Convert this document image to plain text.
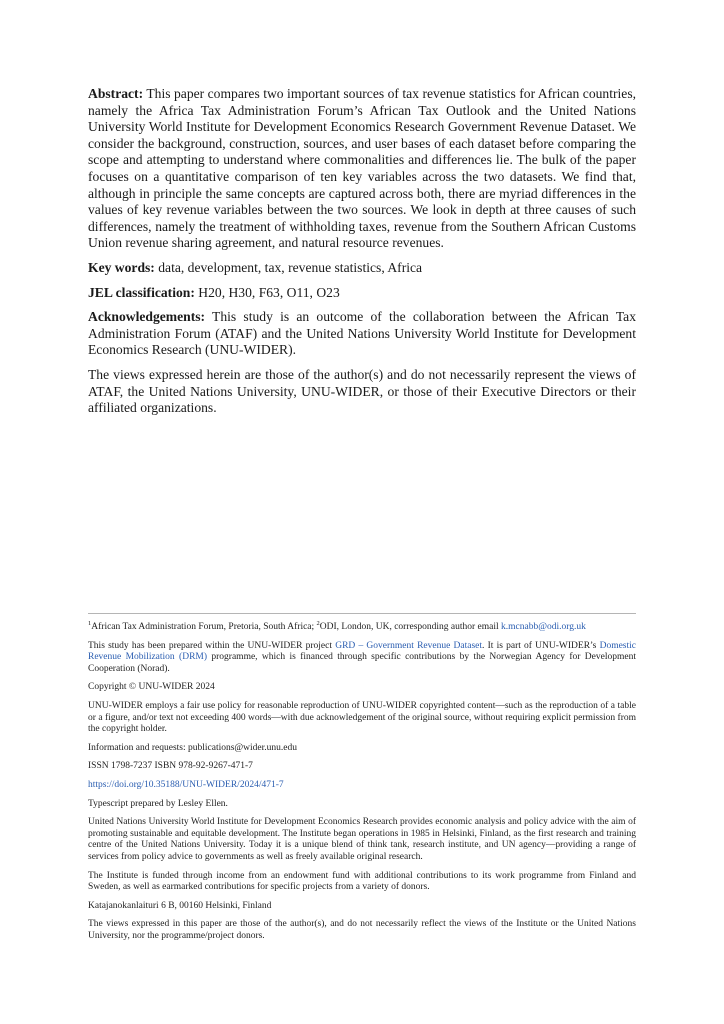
Abstract: This paper compares two important sources of tax revenue statistics for African countries, namely the Africa Tax Administration Forum’s African Tax Outlook and the United Nations University World Institute for Development Economics Research Government Revenue Dataset. We consider the background, construction, sources, and user bases of each dataset before comparing the scope and attempting to understand where commonalities and differences lie. The bulk of the paper focuses on a quantitative comparison of ten key variables across the two datasets. We find that, although in principle the same concepts are captured across both, there are myriad differences in the values of key revenue variables between the two sources. We look in depth at three causes of such differences, namely the treatment of withholding taxes, revenue from the Southern African Customs Union revenue sharing agreement, and natural resource revenues.

Key words: data, development, tax, revenue statistics, Africa

JEL classification: H20, H30, F63, O11, O23

Acknowledgements: This study is an outcome of the collaboration between the African Tax Administration Forum (ATAF) and the United Nations University World Institute for Development Economics Research (UNU-WIDER).

The views expressed herein are those of the author(s) and do not necessarily represent the views of ATAF, the United Nations University, UNU-WIDER, or those of their Executive Directors or their affiliated organizations.

$^1$African Tax Administration Forum, Pretoria, South Africa; $^2$ODI, London, UK, corresponding author email k.mcnabb@odi.org.uk

This study has been prepared within the UNU-WIDER project GRD – Government Revenue Dataset. It is part of UNU-WIDER’s Domestic Revenue Mobilization (DRM) programme, which is financed through specific contributions by the Norwegian Agency for Development Cooperation (Norad).

Copyright © UNU-WIDER 2024

UNU-WIDER employs a fair use policy for reasonable reproduction of UNU-WIDER copyrighted content—such as the reproduction of a table or a figure, and/or text not exceeding 400 words—with due acknowledgement of the original source, without requiring explicit permission from the copyright holder.

Information and requests: publications@wider.unu.edu

ISSN 1798-7237 ISBN 978-92-9267-471-7

https://doi.org/10.35188/UNU-WIDER/2024/471-7

Typescript prepared by Lesley Ellen.

United Nations University World Institute for Development Economics Research provides economic analysis and policy advice with the aim of promoting sustainable and equitable development. The Institute began operations in 1985 in Helsinki, Finland, as the first research and training centre of the United Nations University. Today it is a unique blend of think tank, research institute, and UN agency—providing a range of services from policy advice to governments as well as freely available original research.

The Institute is funded through income from an endowment fund with additional contributions to its work programme from Finland and Sweden, as well as earmarked contributions for specific projects from a variety of donors.

Katajanokanlaituri 6 B, 00160 Helsinki, Finland

The views expressed in this paper are those of the author(s), and do not necessarily reflect the views of the Institute or the United Nations University, nor the programme/project donors.
